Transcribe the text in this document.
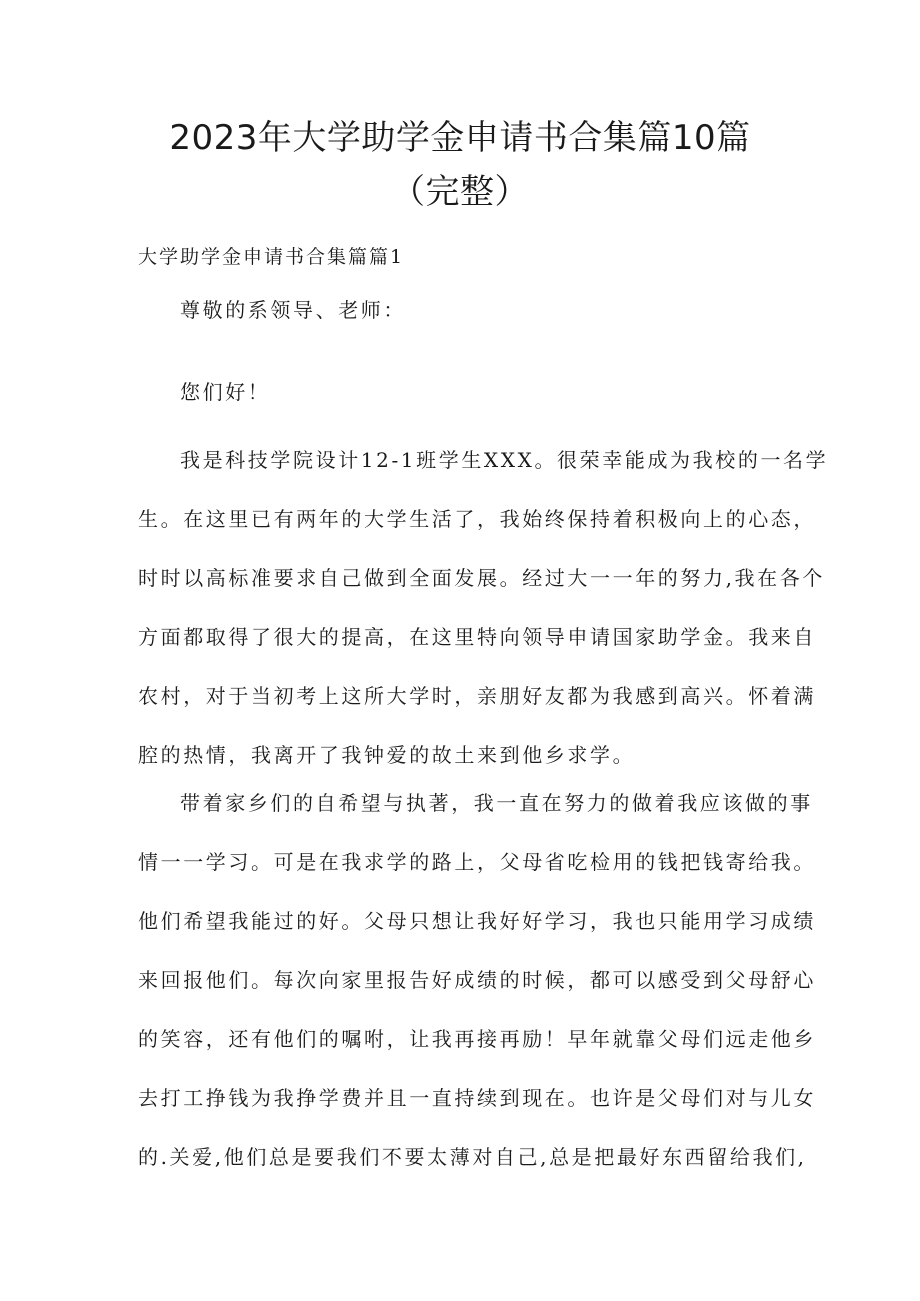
2023年大学助学金申请书合集篇10篇
（完整）
大学助学金申请书合集篇篇1

尊敬的系领导、老师：

您们好！

我是科技学院设计12-1班学生XXX。很荣幸能成为我校的一名学
生。在这里已有两年的大学生活了，我始终保持着积极向上的心态，
时时以高标准要求自己做到全面发展。经过大一一年的努力,我在各个
方面都取得了很大的提高，在这里特向领导申请国家助学金。我来自
农村，对于当初考上这所大学时，亲朋好友都为我感到高兴。怀着满
腔的热情，我离开了我钟爱的故土来到他乡求学。
带着家乡们的自希望与执著，我一直在努力的做着我应该做的事
情一一学习。可是在我求学的路上，父母省吃检用的钱把钱寄给我。
他们希望我能过的好。父母只想让我好好学习，我也只能用学习成绩
来回报他们。每次向家里报告好成绩的时候，都可以感受到父母舒心
的笑容，还有他们的嘱咐，让我再接再励！早年就靠父母们远走他乡
去打工挣钱为我挣学费并且一直持续到现在。也许是父母们对与儿女
的.关爱,他们总是要我们不要太薄对自己,总是把最好东西留给我们,
